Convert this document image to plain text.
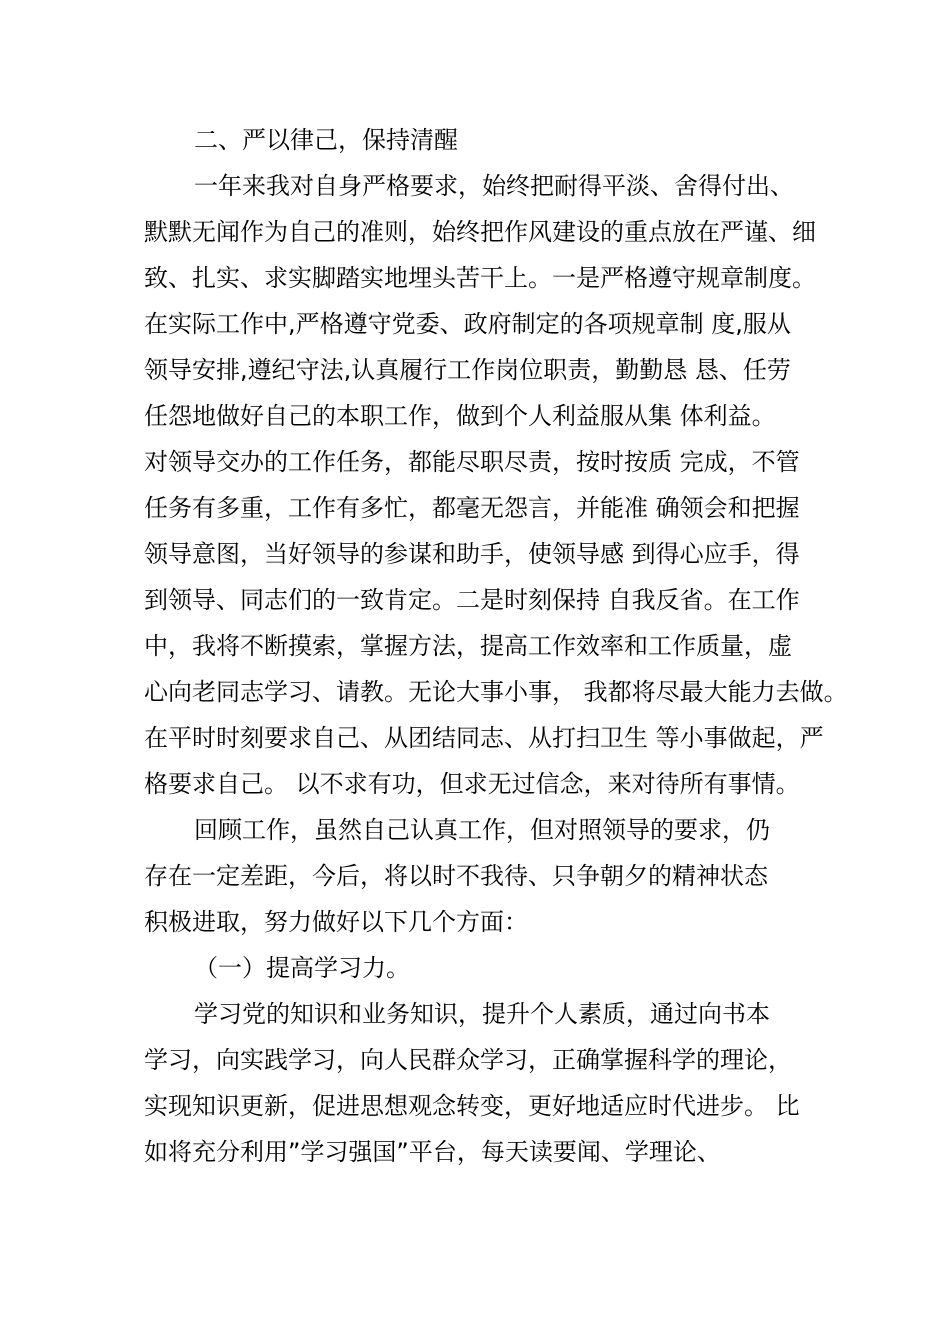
二、严以律己，保持清醒

一年来我对自身严格要求，始终把耐得平淡、舍得付出、

默默无闻作为自己的准则，始终把作风建设的重点放在严谨、细

致、扎实、求实脚踏实地埋头苦干上。一是严格遵守规章制度。

在实际工作中,严格遵守党委、政府制定的各项规章制 度,服从

领导安排,遵纪守法,认真履行工作岗位职责，勤勤恳 恳、任劳

任怨地做好自己的本职工作，做到个人利益服从集 体利益。

对领导交办的工作任务，都能尽职尽责，按时按质 完成，不管

任务有多重，工作有多忙，都毫无怨言，并能准 确领会和把握

领导意图，当好领导的参谋和助手，使领导感 到得心应手，得

到领导、同志们的一致肯定。二是时刻保持 自我反省。在工作

中，我将不断摸索，掌握方法，提高工作效率和工作质量，虚

心向老同志学习、请教。无论大事小事， 我都将尽最大能力去做。

在平时时刻要求自己、从团结同志、从打扫卫生 等小事做起，严

格要求自己。 以不求有功，但求无过信念，来对待所有事情。

回顾工作，虽然自己认真工作，但对照领导的要求，仍

存在一定差距，今后，将以时不我待、只争朝夕的精神状态

积极进取，努力做好以下几个方面：

（一）提高学习力。

学习党的知识和业务知识，提升个人素质，通过向书本

学习，向实践学习，向人民群众学习，正确掌握科学的理论，

实现知识更新，促进思想观念转变，更好地适应时代进步。 比

如将充分利用”学习强国”平台，每天读要闻、学理论、
